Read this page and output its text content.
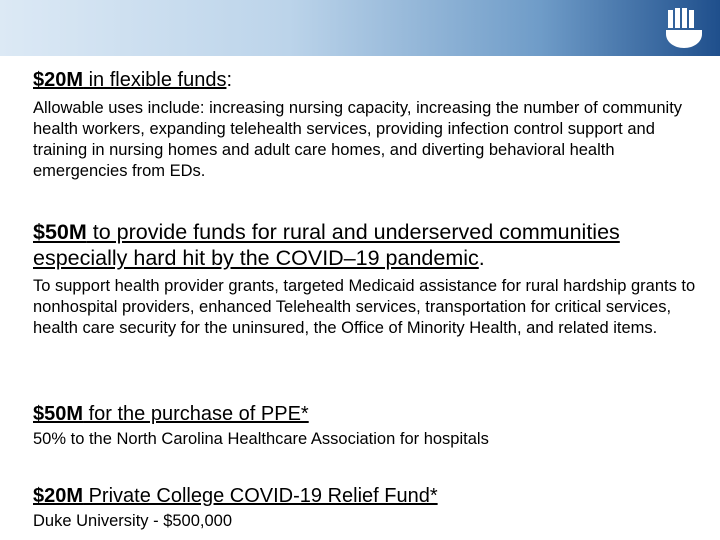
$20M in flexible funds:

Allowable uses include: increasing nursing capacity, increasing the number of community health workers, expanding telehealth services, providing infection control support and training in nursing homes and adult care homes, and diverting behavioral health emergencies from EDs.

$50M to provide funds for rural and underserved communities especially hard hit by the COVID–19 pandemic.

To support health provider grants, targeted Medicaid assistance for rural hardship grants to nonhospital providers, enhanced Telehealth services, transportation for critical services, health care security for the uninsured, the Office of Minority Health, and related items.

$50M for the purchase of PPE*

50% to the North Carolina Healthcare Association for hospitals

$20M Private College COVID-19 Relief Fund*

Duke University - $500,000
